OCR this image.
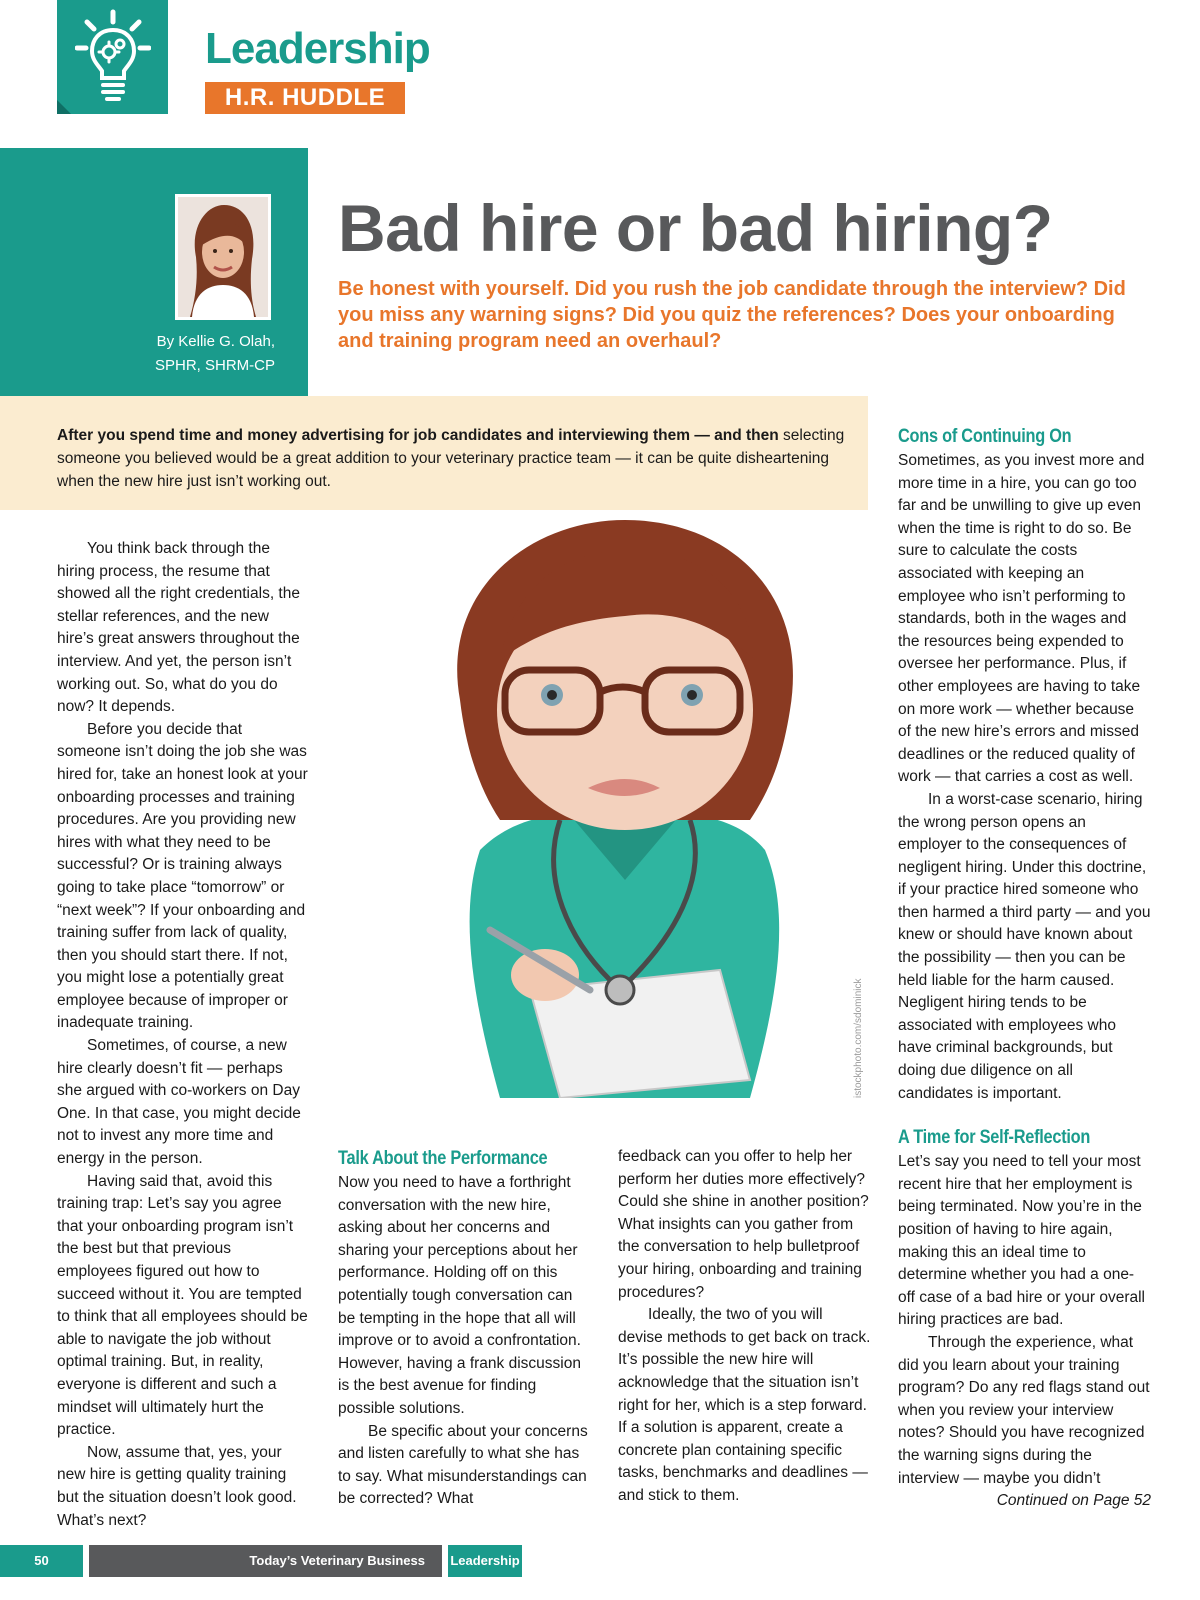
Leadership
H.R. HUDDLE
By Kellie G. Olah,
SPHR, SHRM-CP
Bad hire or bad hiring?
Be honest with yourself. Did you rush the job candidate through the interview? Did you miss any warning signs? Did you quiz the references? Does your onboarding and training program need an overhaul?
After you spend time and money advertising for job candidates and interviewing them — and then selecting someone you believed would be a great addition to your veterinary practice team — it can be quite disheartening when the new hire just isn’t working out.

You think back through the hiring process, the resume that showed all the right credentials, the stellar references, and the new hire’s great answers throughout the interview. And yet, the person isn’t working out. So, what do you do now? It depends.

Before you decide that someone isn’t doing the job she was hired for, take an honest look at your onboarding processes and training procedures. Are you providing new hires with what they need to be successful? Or is training always going to take place “tomorrow” or “next week”? If your onboarding and training suffer from lack of quality, then you should start there. If not, you might lose a potentially great employee because of improper or inadequate training.

Sometimes, of course, a new hire clearly doesn’t fit — perhaps she argued with co-workers on Day One. In that case, you might decide not to invest any more time and energy in the person.

Having said that, avoid this training trap: Let’s say you agree that your onboarding program isn’t the best but that previous employees figured out how to succeed without it. You are tempted to think that all employees should be able to navigate the job without optimal training. But, in reality, everyone is different and such a mindset will ultimately hurt the practice.

Now, assume that, yes, your new hire is getting quality training but the situation doesn’t look good. What’s next?

istockphoto.com/sdominick
Talk About the Performance

Now you need to have a forthright conversation with the new hire, asking about her concerns and sharing your perceptions about her performance. Holding off on this potentially tough conversation can be tempting in the hope that all will improve or to avoid a confrontation. However, having a frank discussion is the best avenue for finding possible solutions.

Be specific about your concerns and listen carefully to what she has to say. What misunderstandings can be corrected? What

feedback can you offer to help her perform her duties more effectively? Could she shine in another position? What insights can you gather from the conversation to help bulletproof your hiring, onboarding and training procedures?

Ideally, the two of you will devise methods to get back on track. It’s possible the new hire will acknowledge that the situation isn’t right for her, which is a step forward. If a solution is apparent, create a concrete plan containing specific tasks, benchmarks and deadlines — and stick to them.

Cons of Continuing On

Sometimes, as you invest more and more time in a hire, you can go too far and be unwilling to give up even when the time is right to do so. Be sure to calculate the costs associated with keeping an employee who isn’t performing to standards, both in the wages and the resources being expended to oversee her performance. Plus, if other employees are having to take on more work — whether because of the new hire’s errors and missed deadlines or the reduced quality of work — that carries a cost as well.

In a worst-case scenario, hiring the wrong person opens an employer to the consequences of negligent hiring. Under this doctrine, if your practice hired someone who then harmed a third party — and you knew or should have known about the possibility — then you can be held liable for the harm caused. Negligent hiring tends to be associated with employees who have criminal backgrounds, but doing due diligence on all candidates is important.

A Time for Self-Reflection

Let’s say you need to tell your most recent hire that her employment is being terminated. Now you’re in the position of having to hire again, making this an ideal time to determine whether you had a one-off case of a bad hire or your overall hiring practices are bad.

Through the experience, what did you learn about your training program? Do any red flags stand out when you review your interview notes? Should you have recognized the warning signs during the interview — maybe you didn’t

Continued on Page 52
50	Today’s Veterinary Business	Leadership
